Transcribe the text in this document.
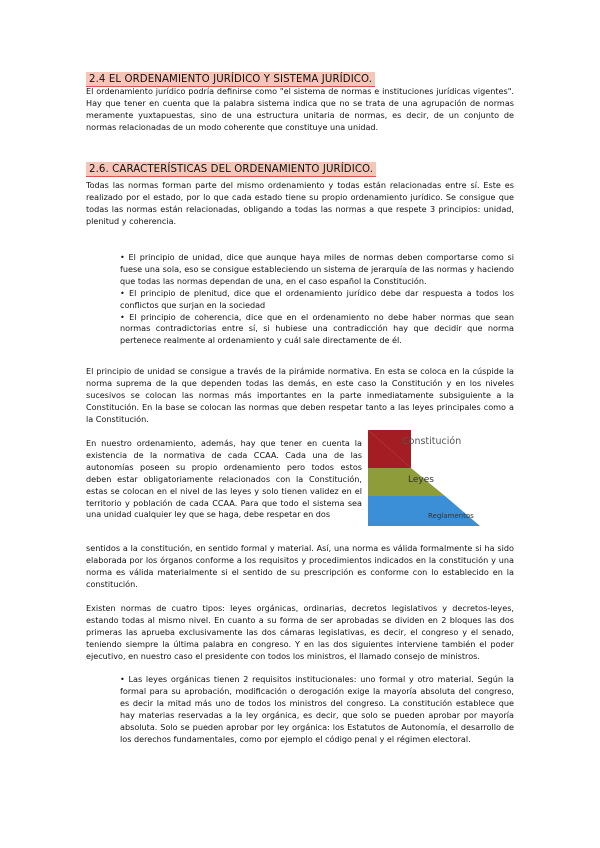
2.4 EL ORDENAMIENTO JURÍDICO Y SISTEMA JURÍDICO.

El ordenamiento jurídico podría definirse como "el sistema de normas e instituciones jurídicas vigentes". Hay que tener en cuenta que la palabra sistema indica que no se trata de una agrupación de normas meramente yuxtapuestas, sino de una estructura unitaria de normas, es decir, de un conjunto de normas relacionadas de un modo coherente que constituye una unidad.

2.6. CARACTERÍSTICAS DEL ORDENAMIENTO JURÍDICO.

Todas las normas forman parte del mismo ordenamiento y todas están relacionadas entre sí. Este es realizado por el estado, por lo que cada estado tiene su propio ordenamiento jurídico. Se consigue que todas las normas están relacionadas, obligando a todas las normas a que respete 3 principios: unidad, plenitud y coherencia.

• El principio de unidad, dice que aunque haya miles de normas deben comportarse como si fuese una sola, eso se consigue estableciendo un sistema de jerarquía de las normas y haciendo que todas las normas dependan de una, en el caso español la Constitución.
• El principio de plenitud, dice que el ordenamiento jurídico debe dar respuesta a todos los conflictos que surjan en la sociedad
• El principio de coherencia, dice que en el ordenamiento no debe haber normas que sean normas contradictorias entre sí, si hubiese una contradicción hay que decidir que norma pertenece realmente al ordenamiento y cuál sale directamente de él.

El principio de unidad se consigue a través de la pirámide normativa. En esta se coloca en la cúspide la norma suprema de la que dependen todas las demás, en este caso la Constitución y en los niveles sucesivos se colocan las normas más importantes en la parte inmediatamente subsiguiente a la Constitución. En la base se colocan las normas que deben respetar tanto a las leyes principales como a la Constitución.

En nuestro ordenamiento, además, hay que tener en cuenta la existencia de la normativa de cada CCAA. Cada una de las autonomías poseen su propio ordenamiento pero todos estos deben estar obligatoriamente relacionados con la Constitución, estas se colocan en el nivel de las leyes y solo tienen validez en el territorio y población de cada CCAA. Para que todo el sistema sea una unidad cualquier ley que se haga, debe respetar en dos

Constitución
Leyes
Reglamentos

sentidos a la constitución, en sentido formal y material. Así, una norma es válida formalmente si ha sido elaborada por los órganos conforme a los requisitos y procedimientos indicados en la constitución y una norma es válida materialmente si el sentido de su prescripción es conforme con lo establecido en la constitución.

Existen normas de cuatro tipos: leyes orgánicas, ordinarias, decretos legislativos y decretos-leyes, estando todas al mismo nivel. En cuanto a su forma de ser aprobadas se dividen en 2 bloques las dos primeras las aprueba exclusivamente las dos cámaras legislativas, es decir, el congreso y el senado, teniendo siempre la última palabra en congreso. Y en las dos siguientes interviene también el poder ejecutivo, en nuestro caso el presidente con todos los ministros, el llamado consejo de ministros.

• Las leyes orgánicas tienen 2 requisitos institucionales: uno formal y otro material. Según la formal para su aprobación, modificación o derogación exige la mayoría absoluta del congreso, es decir la mitad más uno de todos los ministros del congreso. La constitución establece que hay materias reservadas a la ley orgánica, es decir, que solo se pueden aprobar por mayoría absoluta. Solo se pueden aprobar por ley orgánica: los Estatutos de Autonomía, el desarrollo de los derechos fundamentales, como por ejemplo el código penal y el régimen electoral.
